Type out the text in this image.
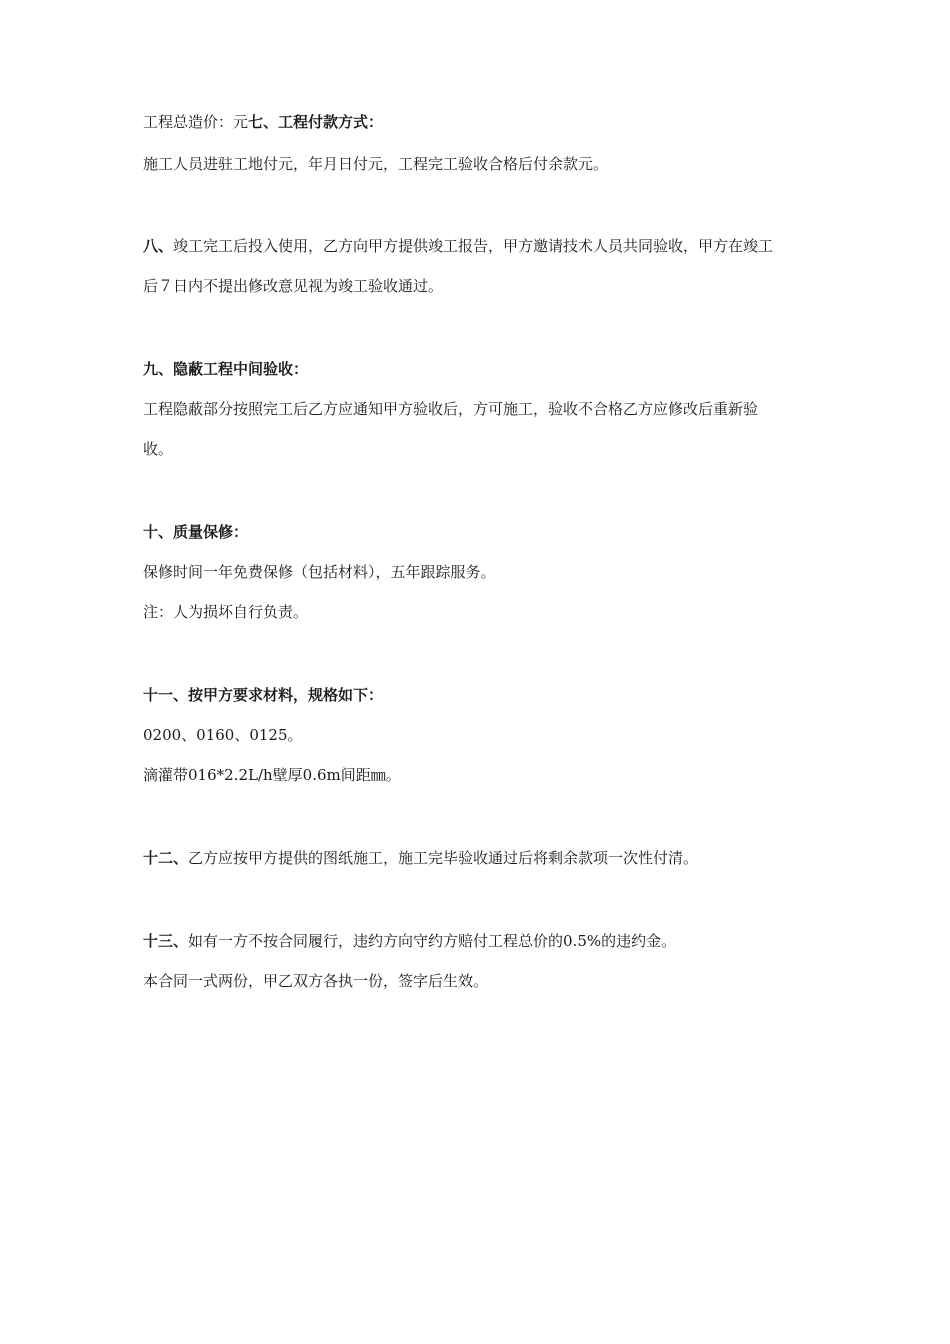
工程总造价：元七、工程付款方式：
施工人员进驻工地付元，年月日付元，工程完工验收合格后付余款元。
八、竣工完工后投入使用，乙方向甲方提供竣工报告，甲方邀请技术人员共同验收，甲方在竣工
后７日内不提出修改意见视为竣工验收通过。
九、隐蔽工程中间验收：
工程隐蔽部分按照完工后乙方应通知甲方验收后，方可施工，验收不合格乙方应修改后重新验
收。
十、质量保修：
保修时间一年免费保修（包括材料），五年跟踪服务。
注：人为损坏自行负责。
十一、按甲方要求材料，规格如下：
0200、0160、0125。
滴灌带016*2.2L/h壁厚0.6m间距㎜。
十二、乙方应按甲方提供的图纸施工，施工完毕验收通过后将剩余款项一次性付清。
十三、如有一方不按合同履行，违约方向守约方赔付工程总价的0.5%的违约金。
本合同一式两份，甲乙双方各执一份，签字后生效。
